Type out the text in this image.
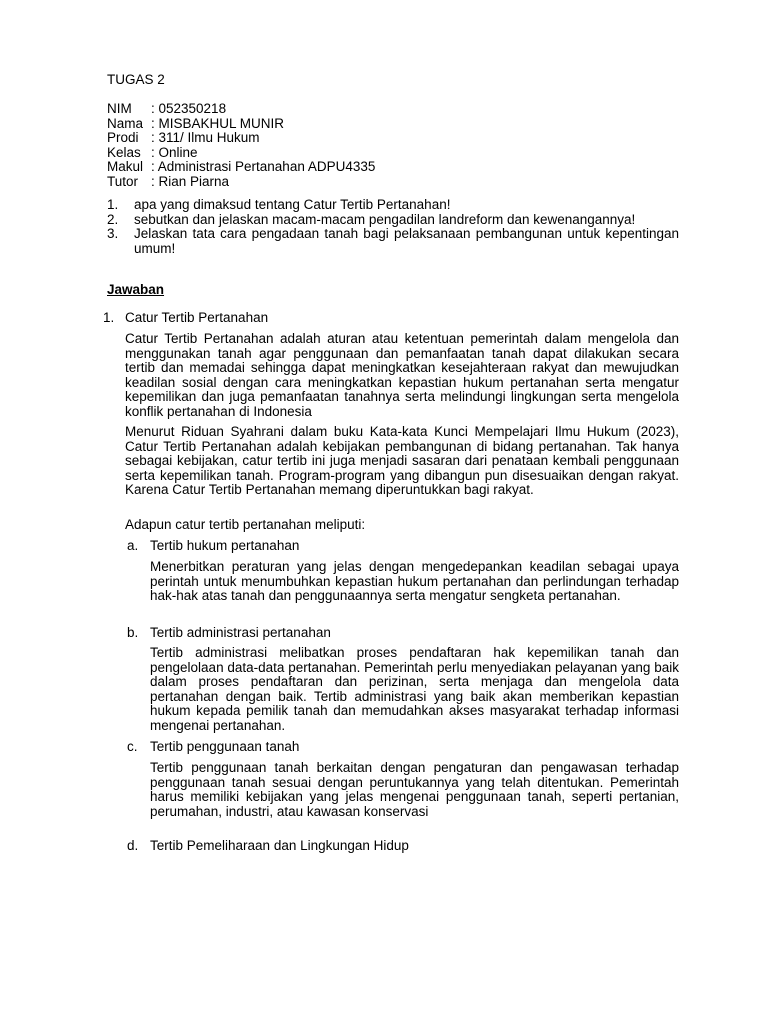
TUGAS 2
NIM	: 052350218
Nama : MISBAKHUL MUNIR
Prodi : 311/ Ilmu Hukum
Kelas : Online
Makul : Administrasi Pertanahan ADPU4335
Tutor : Rian Piarna
1.	apa yang dimaksud tentang Catur Tertib Pertanahan!
2.	sebutkan dan jelaskan macam-macam pengadilan landreform dan kewenangannya!
3.	Jelaskan tata cara pengadaan tanah bagi pelaksanaan pembangunan untuk kepentingan umum!
Jawaban
1. Catur Tertib Pertanahan
Catur Tertib Pertanahan adalah aturan atau ketentuan pemerintah dalam mengelola dan menggunakan tanah agar penggunaan dan pemanfaatan tanah dapat dilakukan secara tertib dan memadai sehingga dapat meningkatkan kesejahteraan rakyat dan mewujudkan keadilan sosial dengan cara meningkatkan kepastian hukum pertanahan serta mengatur kepemilikan dan juga pemanfaatan tanahnya serta melindungi lingkungan serta mengelola konflik pertanahan di Indonesia
Menurut Riduan Syahrani dalam buku Kata-kata Kunci Mempelajari Ilmu Hukum (2023), Catur Tertib Pertanahan adalah kebijakan pembangunan di bidang pertanahan. Tak hanya sebagai kebijakan, catur tertib ini juga menjadi sasaran dari penataan kembali penggunaan serta kepemilikan tanah. Program-program yang dibangun pun disesuaikan dengan rakyat. Karena Catur Tertib Pertanahan memang diperuntukkan bagi rakyat.
Adapun catur tertib pertanahan meliputi:
a. Tertib hukum pertanahan
Menerbitkan peraturan yang jelas dengan mengedepankan keadilan sebagai upaya perintah untuk menumbuhkan kepastian hukum pertanahan dan perlindungan terhadap hak-hak atas tanah dan penggunaannya serta mengatur sengketa pertanahan.
b. Tertib administrasi pertanahan
Tertib administrasi melibatkan proses pendaftaran hak kepemilikan tanah dan pengelolaan data-data pertanahan. Pemerintah perlu menyediakan pelayanan yang baik dalam proses pendaftaran dan perizinan, serta menjaga dan mengelola data pertanahan dengan baik. Tertib administrasi yang baik akan memberikan kepastian hukum kepada pemilik tanah dan memudahkan akses masyarakat terhadap informasi mengenai pertanahan.
c. Tertib penggunaan tanah
Tertib penggunaan tanah berkaitan dengan pengaturan dan pengawasan terhadap penggunaan tanah sesuai dengan peruntukannya yang telah ditentukan. Pemerintah harus memiliki kebijakan yang jelas mengenai penggunaan tanah, seperti pertanian, perumahan, industri, atau kawasan konservasi
d. Tertib Pemeliharaan dan Lingkungan Hidup
